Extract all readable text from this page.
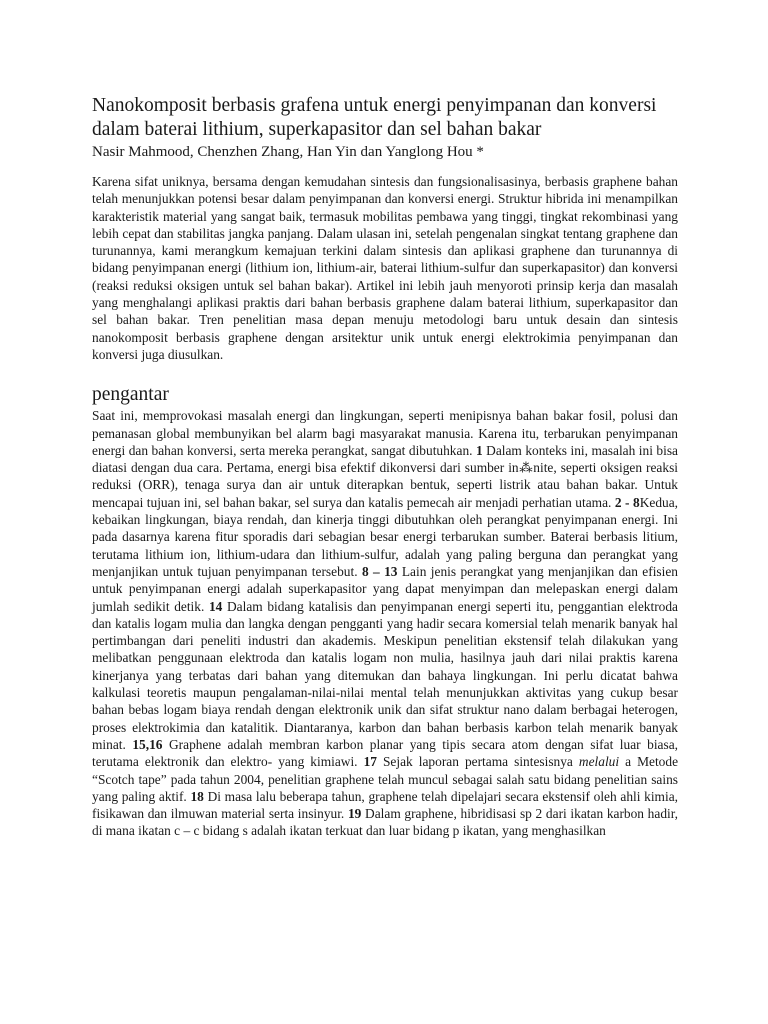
Nanokomposit berbasis grafena untuk energi penyimpanan dan konversi dalam baterai lithium, superkapasitor dan sel bahan bakar

Nasir Mahmood, Chenzhen Zhang, Han Yin dan Yanglong Hou *

Karena sifat uniknya, bersama dengan kemudahan sintesis dan fungsionalisasinya, berbasis graphene bahan telah menunjukkan potensi besar dalam penyimpanan dan konversi energi. Struktur hibrida ini menampilkan karakteristik material yang sangat baik, termasuk mobilitas pembawa yang tinggi, tingkat rekombinasi yang lebih cepat dan stabilitas jangka panjang. Dalam ulasan ini, setelah pengenalan singkat tentang graphene dan turunannya, kami merangkum kemajuan terkini dalam sintesis dan aplikasi graphene dan turunannya di bidang penyimpanan energi (lithium ion, lithium-air, baterai lithium-sulfur dan superkapasitor) dan konversi (reaksi reduksi oksigen untuk sel bahan bakar). Artikel ini lebih jauh menyoroti prinsip kerja dan masalah yang menghalangi aplikasi praktis dari bahan berbasis graphene dalam baterai lithium, superkapasitor dan sel bahan bakar. Tren penelitian masa depan menuju metodologi baru untuk desain dan sintesis nanokomposit berbasis graphene dengan arsitektur unik untuk energi elektrokimia penyimpanan dan konversi juga diusulkan.

pengantar

Saat ini, memprovokasi masalah energi dan lingkungan, seperti menipisnya bahan bakar fosil, polusi dan pemanasan global membunyikan bel alarm bagi masyarakat manusia. Karena itu, terbarukan penyimpanan energi dan bahan konversi, serta mereka perangkat, sangat dibutuhkan. 1 Dalam konteks ini, masalah ini bisa diatasi dengan dua cara. Pertama, energi bisa efektif dikonversi dari sumber in⁂nite, seperti oksigen reaksi reduksi (ORR), tenaga surya dan air untuk diterapkan bentuk, seperti listrik atau bahan bakar. Untuk mencapai tujuan ini, sel bahan bakar, sel surya dan katalis pemecah air menjadi perhatian utama. 2 - 8Kedua, kebaikan lingkungan, biaya rendah, dan kinerja tinggi dibutuhkan oleh perangkat penyimpanan energi. Ini pada dasarnya karena fitur sporadis dari sebagian besar energi terbarukan sumber. Baterai berbasis litium, terutama lithium ion, lithium-udara dan lithium-sulfur, adalah yang paling berguna dan perangkat yang menjanjikan untuk tujuan penyimpanan tersebut. 8 – 13 Lain jenis perangkat yang menjanjikan dan efisien untuk penyimpanan energi adalah superkapasitor yang dapat menyimpan dan melepaskan energi dalam jumlah sedikit detik. 14 Dalam bidang katalisis dan penyimpanan energi seperti itu, penggantian elektroda dan katalis logam mulia dan langka dengan pengganti yang hadir secara komersial telah menarik banyak hal pertimbangan dari peneliti industri dan akademis. Meskipun penelitian ekstensif telah dilakukan yang melibatkan penggunaan elektroda dan katalis logam non mulia, hasilnya jauh dari nilai praktis karena kinerjanya yang terbatas dari bahan yang ditemukan dan bahaya lingkungan. Ini perlu dicatat bahwa kalkulasi teoretis maupun pengalaman-nilai-nilai mental telah menunjukkan aktivitas yang cukup besar bahan bebas logam biaya rendah dengan elektronik unik dan sifat struktur nano dalam berbagai heterogen, proses elektrokimia dan katalitik. Diantaranya, karbon dan bahan berbasis karbon telah menarik banyak minat. 15,16 Graphene adalah membran karbon planar yang tipis secara atom dengan sifat luar biasa, terutama elektronik dan elektro- yang kimiawi. 17 Sejak laporan pertama sintesisnya melalui a Metode “Scotch tape” pada tahun 2004, penelitian graphene telah muncul sebagai salah satu bidang penelitian sains yang paling aktif. 18 Di masa lalu beberapa tahun, graphene telah dipelajari secara ekstensif oleh ahli kimia, fisikawan dan ilmuwan material serta insinyur. 19 Dalam graphene, hibridisasi sp 2 dari ikatan karbon hadir, di mana ikatan c – c bidang s adalah ikatan terkuat dan luar bidang p ikatan, yang menghasilkan
